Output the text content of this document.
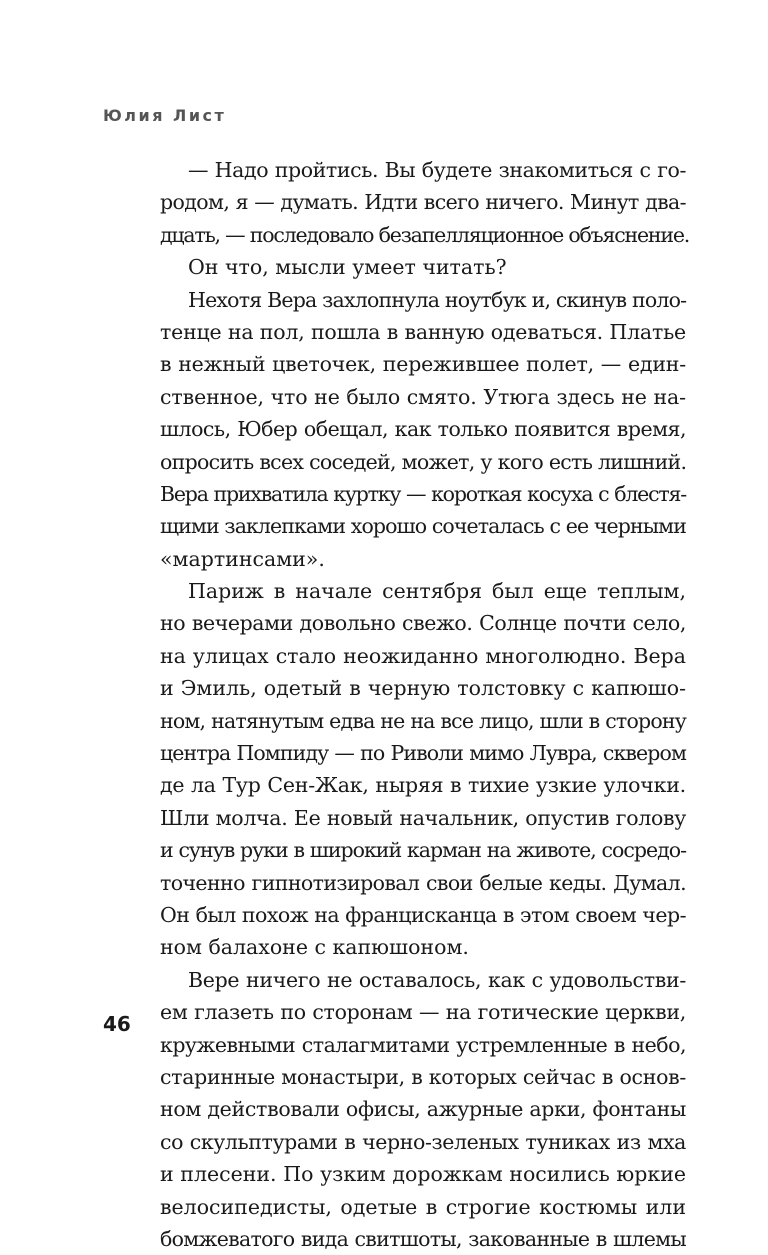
Юлия Лист
— Надо пройтись. Вы будете знакомиться с го-
родом, я — думать. Идти всего ничего. Минут два-
дцать, — последовало безапелляционное объяснение.
Он что, мысли умеет читать?
Нехотя Вера захлопнула ноутбук и, скинув поло-
тенце на пол, пошла в ванную одеваться. Платье
в нежный цветочек, пережившее полет, — един-
ственное, что не было смято. Утюга здесь не на-
шлось, Юбер обещал, как только появится время,
опросить всех соседей, может, у кого есть лишний.
Вера прихватила куртку — короткая косуха с блестя-
щими заклепками хорошо сочеталась с ее черными
«мартинсами».
Париж в начале сентября был еще теплым,
но вечерами довольно свежо. Солнце почти село,
на улицах стало неожиданно многолюдно. Вера
и Эмиль, одетый в черную толстовку с капюшо-
ном, натянутым едва не на все лицо, шли в сторону
центра Помпиду — по Риволи мимо Лувра, сквером
де ла Тур Сен-Жак, ныряя в тихие узкие улочки.
Шли молча. Ее новый начальник, опустив голову
и сунув руки в широкий карман на животе, сосредо-
точенно гипнотизировал свои белые кеды. Думал.
Он был похож на францисканца в этом своем чер-
ном балахоне с капюшоном.
Вере ничего не оставалось, как с удовольстви-
ем глазеть по сторонам — на готические церкви,
кружевными сталагмитами устремленные в небо,
старинные монастыри, в которых сейчас в основ-
ном действовали офисы, ажурные арки, фонтаны
со скульптурами в черно-зеленых туниках из мха
и плесени. По узким дорожкам носились юркие
велосипедисты, одетые в строгие костюмы или
бомжеватого вида свитшоты, закованные в шлемы
46
